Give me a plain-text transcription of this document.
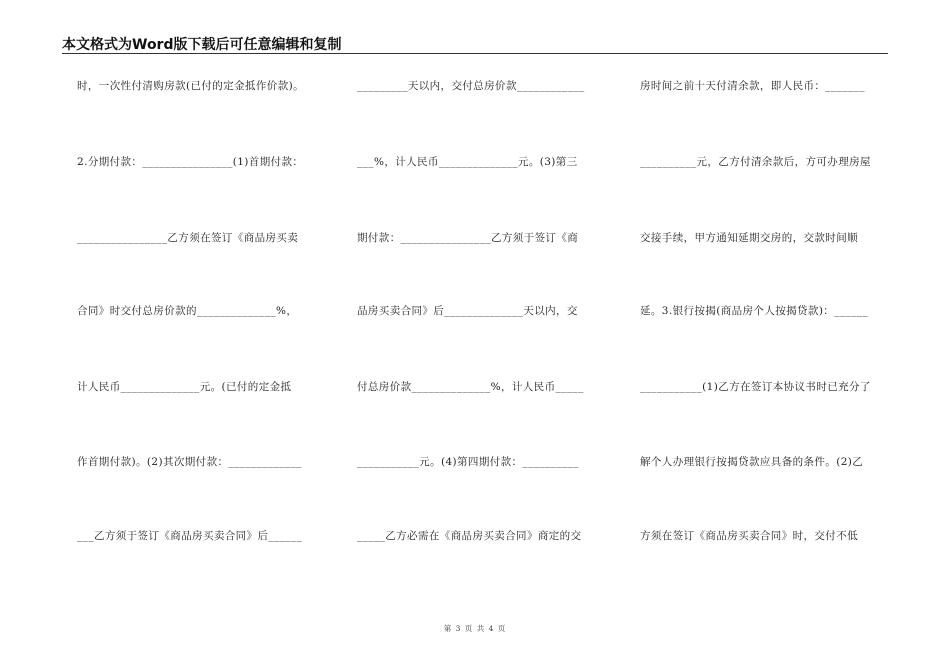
本文格式为Word版下载后可任意编辑和复制
时，一次性付清购房款(已付的定金抵作价款)。
2.分期付款：________________(1)首期付款：
________________乙方须在签订《商品房买卖
合同》时交付总房价款的______________%，
计人民币______________元。(已付的定金抵
作首期付款)。(2)其次期付款：_____________
___乙方须于签订《商品房买卖合同》后______
_________天以内，交付总房价款____________
___%，计人民币______________元。(3)第三
期付款：________________乙方须于签订《商
品房买卖合同》后______________天以内，交
付总房价款______________%，计人民币_____
___________元。(4)第四期付款：__________
_____乙方必需在《商品房买卖合同》商定的交
房时间之前十天付清余款，即人民币：_______
__________元，乙方付清余款后，方可办理房屋
交接手续，甲方通知延期交房的，交款时间顺
延。3.银行按揭(商品房个人按揭贷款)：______
___________(1)乙方在签订本协议书时已充分了
解个人办理银行按揭贷款应具备的条件。(2)乙
方须在签订《商品房买卖合同》时，交付不低
第 3 页 共 4 页
